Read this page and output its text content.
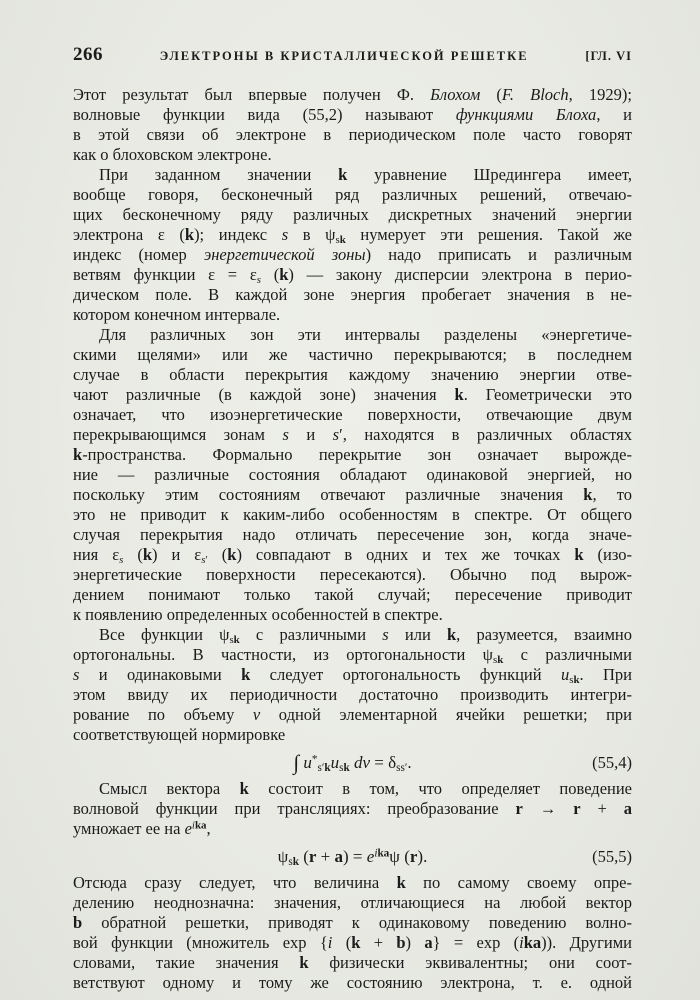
266	ЭЛЕКТРОНЫ В КРИСТАЛЛИЧЕСКОЙ РЕШЕТКЕ	[ГЛ. VI
Этот результат был впервые получен Ф. Блохом (F. Bloch, 1929);
волновые функции вида (55,2) называют функциями Блоха, и
в этой связи об электроне в периодическом поле часто говорят
как о блоховском электроне.
При заданном значении k уравнение Шредингера имеет,
вообще говоря, бесконечный ряд различных решений, отвечаю-
щих бесконечному ряду различных дискретных значений энергии
электрона ε (k); индекс s в $\psi_{sk}$ нумерует эти решения. Такой же
индекс (номер энергетической зоны) надо приписать и различным
ветвям функции $\varepsilon = \varepsilon_s$ (k) — закону дисперсии электрона в перио-
дическом поле. В каждой зоне энергия пробегает значения в не-
котором конечном интервале.
Для различных зон эти интервалы разделены «энергетиче-
скими щелями» или же частично перекрываются; в последнем
случае в области перекрытия каждому значению энергии отве-
чают различные (в каждой зоне) значения k. Геометрически это
означает, что изоэнергетические поверхности, отвечающие двум
перекрывающимся зонам s и s′, находятся в различных областях
k-пространства. Формально перекрытие зон означает вырожде-
ние — различные состояния обладают одинаковой энергией, но
поскольку этим состояниям отвечают различные значения k, то
это не приводит к каким-либо особенностям в спектре. От общего
случая перекрытия надо отличать пересечение зон, когда значе-
ния $\varepsilon_s$ (k) и $\varepsilon_{s'}$ (k) совпадают в одних и тех же точках k (изо-
энергетические поверхности пересекаются). Обычно под вырож-
дением понимают только такой случай; пересечение приводит
к появлению определенных особенностей в спектре.
Все функции $\psi_{sk}$ с различными s или k, разумеется, взаимно
ортогональны. В частности, из ортогональности $\psi_{sk}$ с различными
s и одинаковыми k следует ортогональность функций $u_{sk}$. При
этом ввиду их периодичности достаточно производить интегри-
рование по объему v одной элементарной ячейки решетки; при
соответствующей нормировке
∫ $u^*_{s'k}u_{sk}$ dv = $\delta_{ss'}$.	(55,4)
Смысл вектора k состоит в том, что определяет поведение
волновой функции при трансляциях: преобразование r → r + a
умножает ее на $e^{ika}$,
$\psi_{sk}$ $(r + a) = e^{ika}\psi$ (r).	(55,5)
Отсюда сразу следует, что величина k по самому своему опре-
делению неоднозначна: значения, отличающиеся на любой вектор
b обратной решетки, приводят к одинаковому поведению волно-
вой функции (множитель exp {i (k + b) a} = exp (ika)). Другими
словами, такие значения k физически эквивалентны; они соот-
ветствуют одному и тому же состоянию электрона, т. е. одной
